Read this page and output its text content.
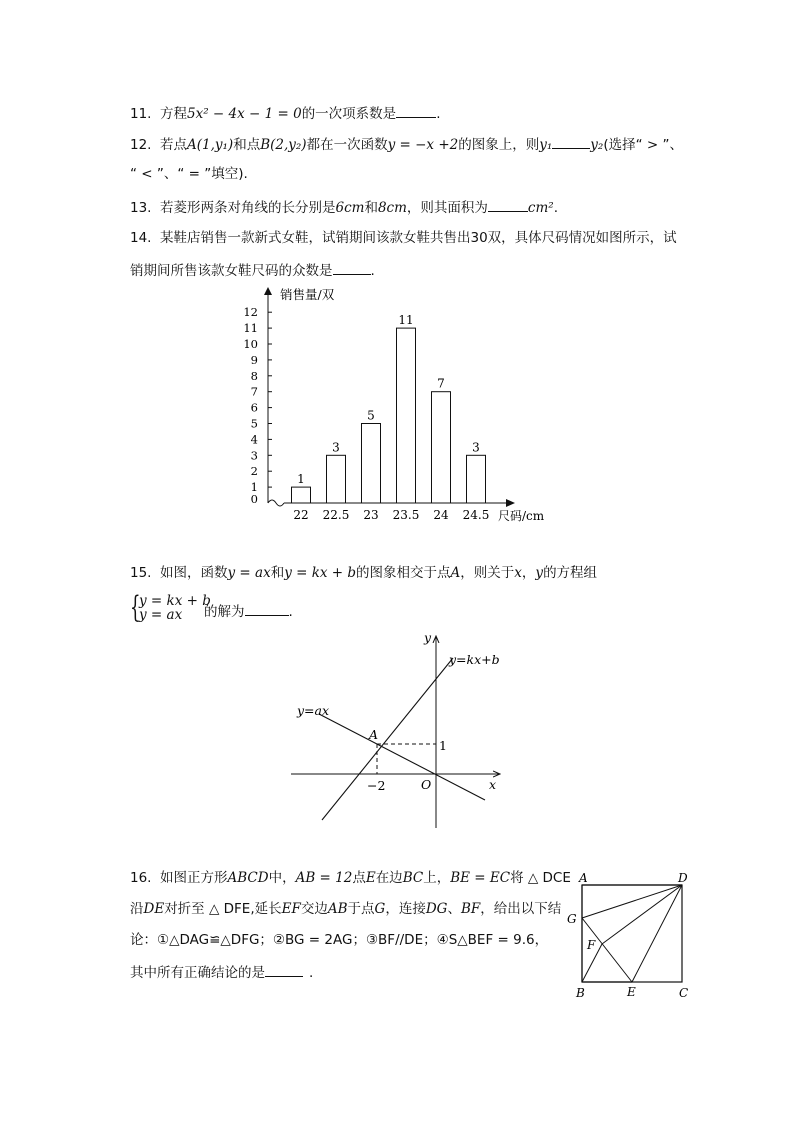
11. 方程5x² − 4x − 1 = 0的一次项系数是	.
12. 若点A(1,y₁)和点B(2,y₂)都在一次函数y = −x +2的图象上，则y₁	y₂(选择“ > ”、
“ < ”、“ = ”填空).
13. 若菱形两条对角线的长分别是6cm和8cm，则其面积为	cm².
14. 某鞋店销售一款新式女鞋，试销期间该款女鞋共售出30双，具体尺码情况如图所示，试
销期间所售该款女鞋尺码的众数是	.
销售量/双
尺码/cm
0
1
2
3
4
5
6
7
8
9
10
11
12
1
22
3
22.5
5
23
11
23.5
7
24
3
24.5
15. 如图，函数y = ax和y = kx + b的图象相交于点A，则关于x，y的方程组
{
y = kx + b
y = ax 的解为	.
y=kx+b
y=ax
A
1
−2	O	x
y
16. 如图正方形ABCD中，AB = 12点E在边BC上，BE = EC将 △ DCE
沿DE对折至 △ DFE,延长EF交边AB于点G，连接DG、BF，给出以下结
论：①△DAG≌△DFG；②BG = 2AG；③BF//DE；④S△BEF = 9.6，
其中所有正确结论的是	.
A	D
G
F
B	E	C
